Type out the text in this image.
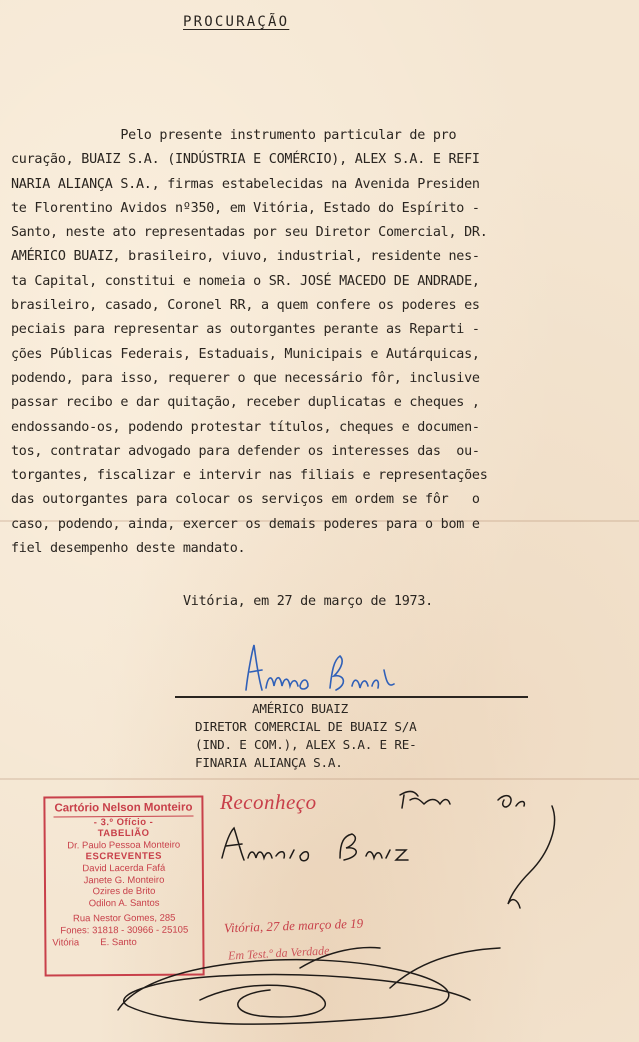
PROCURAÇÃO
Pelo presente instrumento particular de pro
curação, BUAIZ S.A. (INDÚSTRIA E COMÉRCIO), ALEX S.A. E REFI
NARIA ALIANÇA S.A., firmas estabelecidas na Avenida Presiden
te Florentino Avidos nº350, em Vitória, Estado do Espírito -
Santo, neste ato representadas por seu Diretor Comercial, DR.
AMÉRICO BUAIZ, brasileiro, viuvo, industrial, residente nes-
ta Capital, constitui e nomeia o SR. JOSÉ MACEDO DE ANDRADE,
brasileiro, casado, Coronel RR, a quem confere os poderes es
peciais para representar as outorgantes perante as Reparti -
ções Públicas Federais, Estaduais, Municipais e Autárquicas,
podendo, para isso, requerer o que necessário fôr, inclusive
passar recibo e dar quitação, receber duplicatas e cheques ,
endossando-os, podendo protestar títulos, cheques e documen-
tos, contratar advogado para defender os interesses das  ou-
torgantes, fiscalizar e intervir nas filiais e representações
das outorgantes para colocar os serviços em ordem se fôr   o
caso, podendo, ainda, exercer os demais poderes para o bom e
fiel desempenho deste mandato.
Vitória, em 27 de março de 1973.
AMÉRICO BUAIZ
DIRETOR COMERCIAL DE BUAIZ S/A
(IND. E COM.), ALEX S.A. E RE-
FINARIA ALIANÇA S.A.
Cartório Nelson Monteiro
- 3.º Ofício -
TABELIÃO
Dr. Paulo Pessoa Monteiro
ESCREVENTES
David Lacerda Fafá
Janete G. Monteiro
Ozires de Brito
Odilon A. Santos
Rua Nestor Gomes, 285
Fones: 31818 - 30966 - 25105
Vitória        E. Santo
Reconheço
Vitória, 27 de março de 19
Em Test.º da Verdade
